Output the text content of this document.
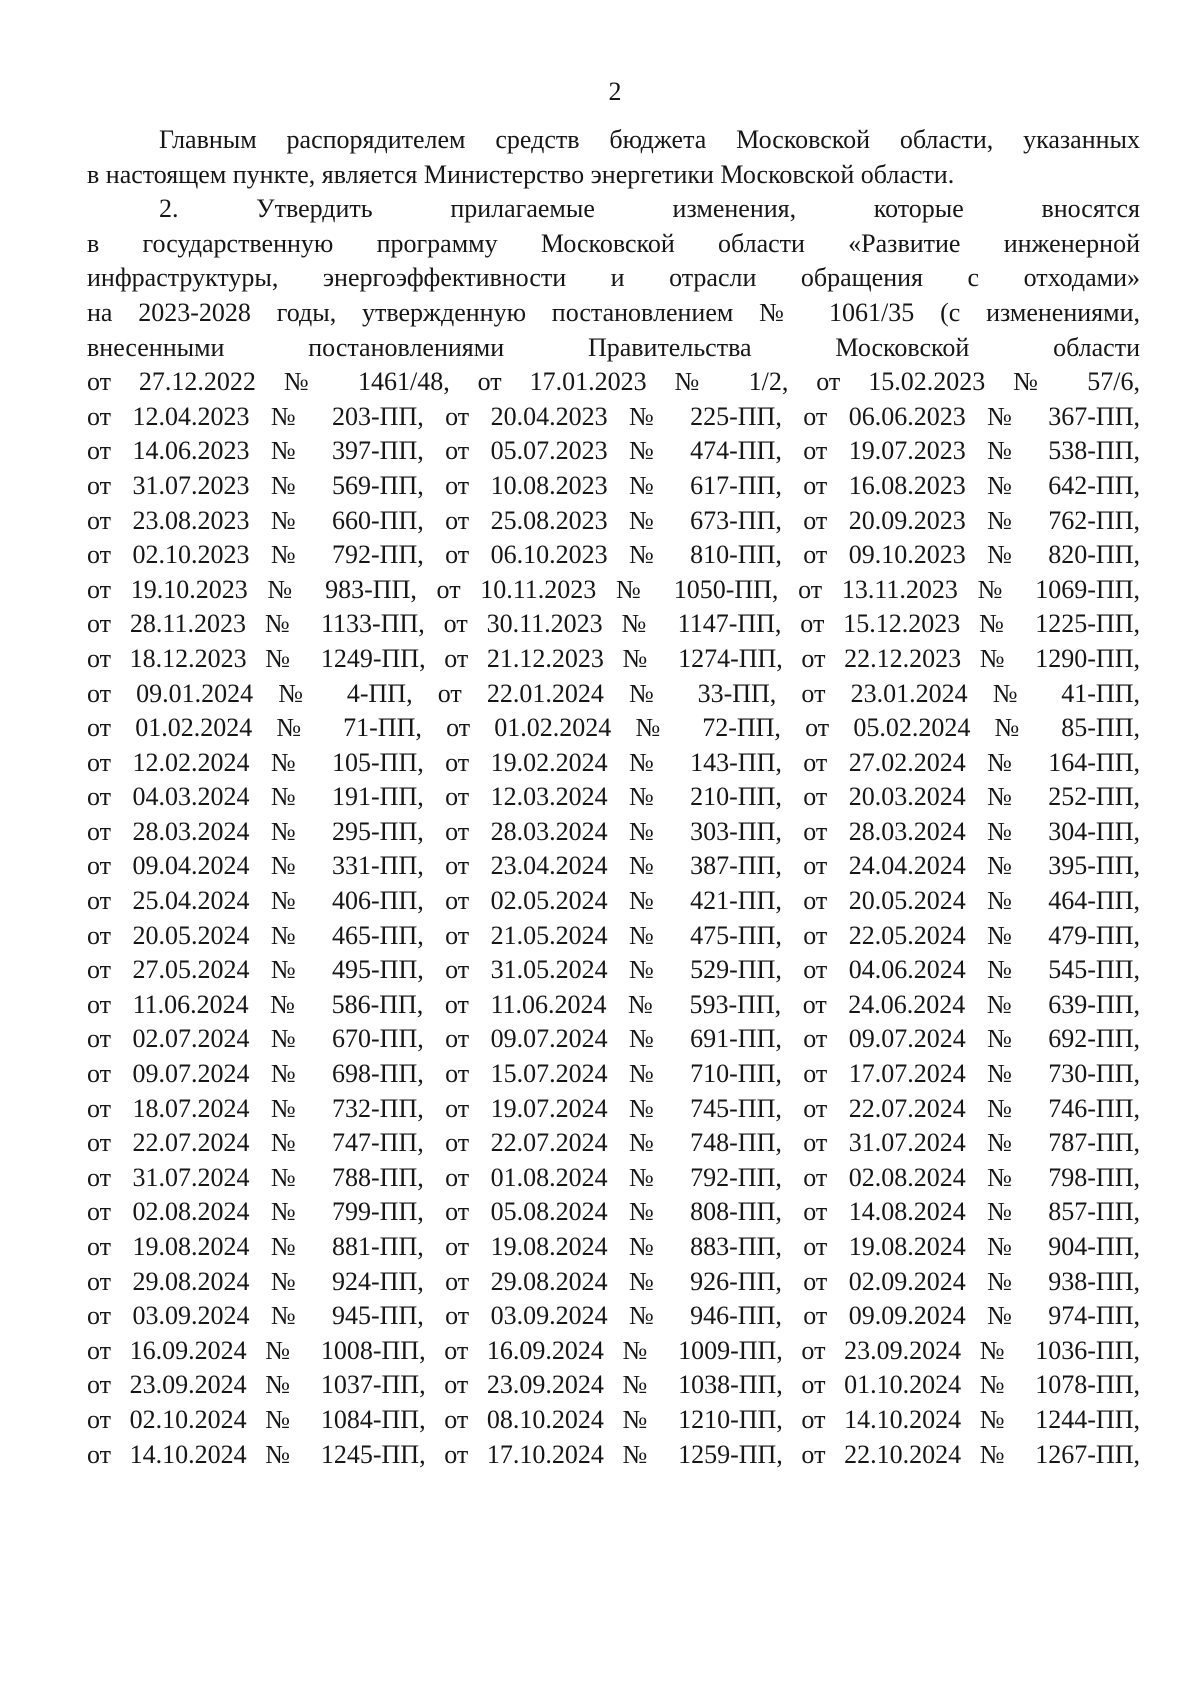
2
Главным распорядителем средств бюджета Московской области, указанных
в настоящем пункте, является Министерство энергетики Московской области.
2. Утвердить прилагаемые изменения, которые вносятся
в государственную программу Московской области «Развитие инженерной
инфраструктуры, энергоэффективности и отрасли обращения с отходами»
на 2023-2028 годы, утвержденную постановлением № 1061/35 (с изменениями,
внесенными постановлениями Правительства Московской области
от 27.12.2022 № 1461/48, от 17.01.2023 № 1/2, от 15.02.2023 № 57/6,
от 12.04.2023 № 203-ПП, от 20.04.2023 № 225-ПП, от 06.06.2023 № 367-ПП,
от 14.06.2023 № 397-ПП, от 05.07.2023 № 474-ПП, от 19.07.2023 № 538-ПП,
от 31.07.2023 № 569-ПП, от 10.08.2023 № 617-ПП, от 16.08.2023 № 642-ПП,
от 23.08.2023 № 660-ПП, от 25.08.2023 № 673-ПП, от 20.09.2023 № 762-ПП,
от 02.10.2023 № 792-ПП, от 06.10.2023 № 810-ПП, от 09.10.2023 № 820-ПП,
от 19.10.2023 № 983-ПП, от 10.11.2023 № 1050-ПП, от 13.11.2023 № 1069-ПП,
от 28.11.2023 № 1133-ПП, от 30.11.2023 № 1147-ПП, от 15.12.2023 № 1225-ПП,
от 18.12.2023 № 1249-ПП, от 21.12.2023 № 1274-ПП, от 22.12.2023 № 1290-ПП,
от 09.01.2024 № 4-ПП, от 22.01.2024 № 33-ПП, от 23.01.2024 № 41-ПП,
от 01.02.2024 № 71-ПП, от 01.02.2024 № 72-ПП, от 05.02.2024 № 85-ПП,
от 12.02.2024 № 105-ПП, от 19.02.2024 № 143-ПП, от 27.02.2024 № 164-ПП,
от 04.03.2024 № 191-ПП, от 12.03.2024 № 210-ПП, от 20.03.2024 № 252-ПП,
от 28.03.2024 № 295-ПП, от 28.03.2024 № 303-ПП, от 28.03.2024 № 304-ПП,
от 09.04.2024 № 331-ПП, от 23.04.2024 № 387-ПП, от 24.04.2024 № 395-ПП,
от 25.04.2024 № 406-ПП, от 02.05.2024 № 421-ПП, от 20.05.2024 № 464-ПП,
от 20.05.2024 № 465-ПП, от 21.05.2024 № 475-ПП, от 22.05.2024 № 479-ПП,
от 27.05.2024 № 495-ПП, от 31.05.2024 № 529-ПП, от 04.06.2024 № 545-ПП,
от 11.06.2024 № 586-ПП, от 11.06.2024 № 593-ПП, от 24.06.2024 № 639-ПП,
от 02.07.2024 № 670-ПП, от 09.07.2024 № 691-ПП, от 09.07.2024 № 692-ПП,
от 09.07.2024 № 698-ПП, от 15.07.2024 № 710-ПП, от 17.07.2024 № 730-ПП,
от 18.07.2024 № 732-ПП, от 19.07.2024 № 745-ПП, от 22.07.2024 № 746-ПП,
от 22.07.2024 № 747-ПП, от 22.07.2024 № 748-ПП, от 31.07.2024 № 787-ПП,
от 31.07.2024 № 788-ПП, от 01.08.2024 № 792-ПП, от 02.08.2024 № 798-ПП,
от 02.08.2024 № 799-ПП, от 05.08.2024 № 808-ПП, от 14.08.2024 № 857-ПП,
от 19.08.2024 № 881-ПП, от 19.08.2024 № 883-ПП, от 19.08.2024 № 904-ПП,
от 29.08.2024 № 924-ПП, от 29.08.2024 № 926-ПП, от 02.09.2024 № 938-ПП,
от 03.09.2024 № 945-ПП, от 03.09.2024 № 946-ПП, от 09.09.2024 № 974-ПП,
от 16.09.2024 № 1008-ПП, от 16.09.2024 № 1009-ПП, от 23.09.2024 № 1036-ПП,
от 23.09.2024 № 1037-ПП, от 23.09.2024 № 1038-ПП, от 01.10.2024 № 1078-ПП,
от 02.10.2024 № 1084-ПП, от 08.10.2024 № 1210-ПП, от 14.10.2024 № 1244-ПП,
от 14.10.2024 № 1245-ПП, от 17.10.2024 № 1259-ПП, от 22.10.2024 № 1267-ПП,
